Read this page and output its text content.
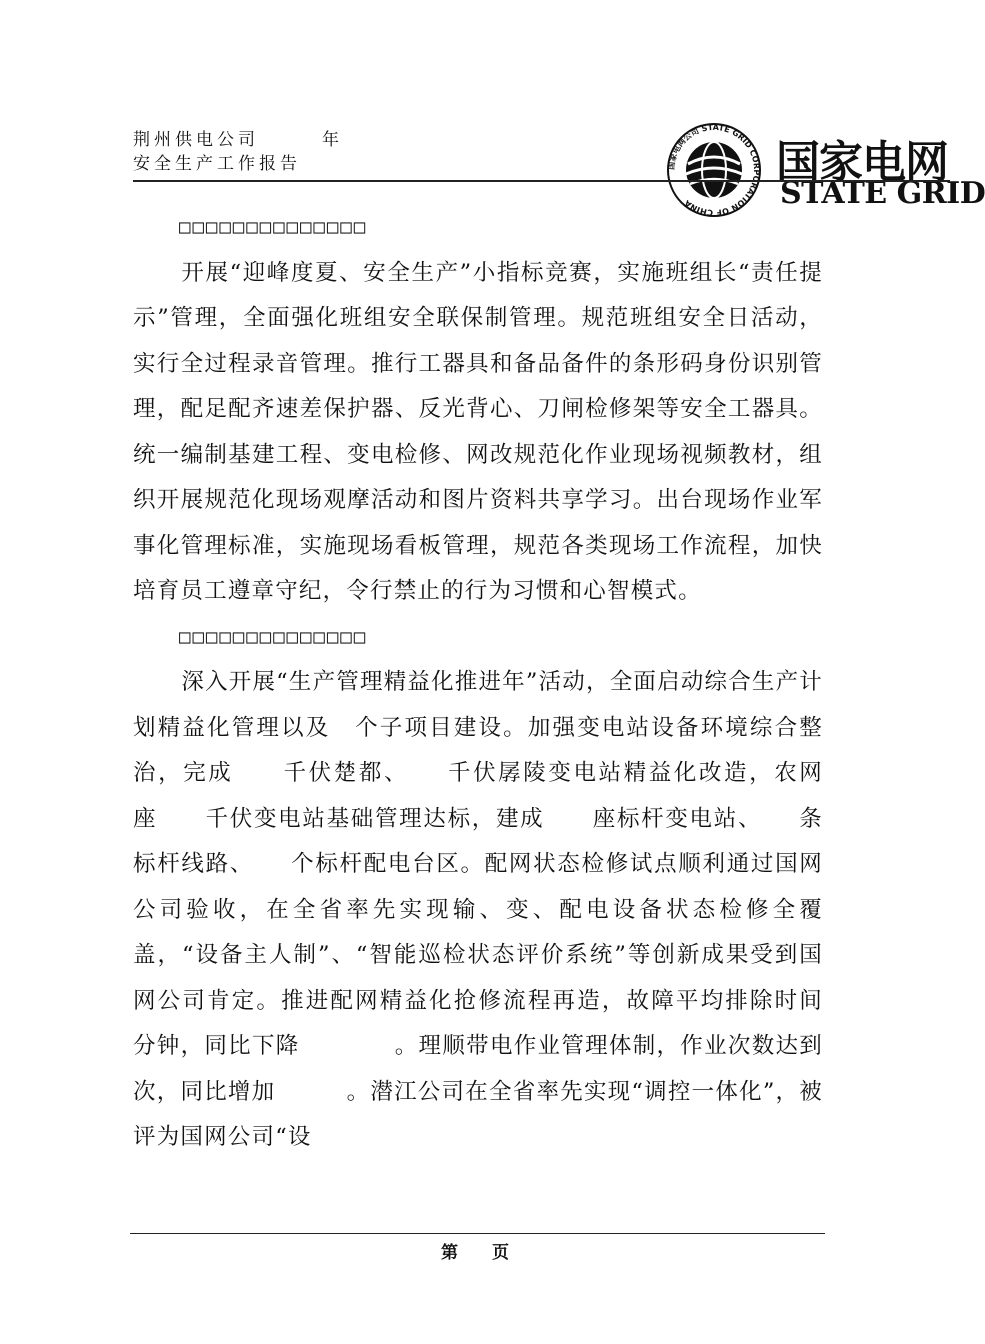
荆州供电公司　　　年
安全生产工作报告	国家电网公司 STATE GRID CORPORATION OF CHINA
国家电网
STATE GRID
□□□□□□□□□□□□□□

开展“迎峰度夏、安全生产”小指标竞赛，实施班组长“责任提示”管理，全面强化班组安全联保制管理。规范班组安全日活动，实行全过程录音管理。推行工器具和备品备件的条形码身份识别管理，配足配齐速差保护器、反光背心、刀闸检修架等安全工器具。统一编制基建工程、变电检修、网改规范化作业现场视频教材，组织开展规范化现场观摩活动和图片资料共享学习。出台现场作业军事化管理标准，实施现场看板管理，规范各类现场工作流程，加快培育员工遵章守纪，令行禁止的行为习惯和心智模式。

□□□□□□□□□□□□□□

深入开展“生产管理精益化推进年”活动，全面启动综合生产计划精益化管理以及　个子项目建设。加强变电站设备环境综合整治，完成　　千伏楚都、　　千伏孱陵变电站精益化改造，农网　　座　　千伏变电站基础管理达标，建成　　座标杆变电站、　　条标杆线路、　　个标杆配电台区。配网状态检修试点顺利通过国网公司验收，在全省率先实现输、变、配电设备状态检修全覆盖，“设备主人制”、“智能巡检状态评价系统”等创新成果受到国网公司肯定。推进配网精益化抢修流程再造，故障平均排除时间　　　分钟，同比下降　　　　。理顺带电作业管理体制，作业次数达到　　　次，同比增加　　　。潜江公司在全省率先实现“调控一体化”，被评为国网公司“设

第　　页
